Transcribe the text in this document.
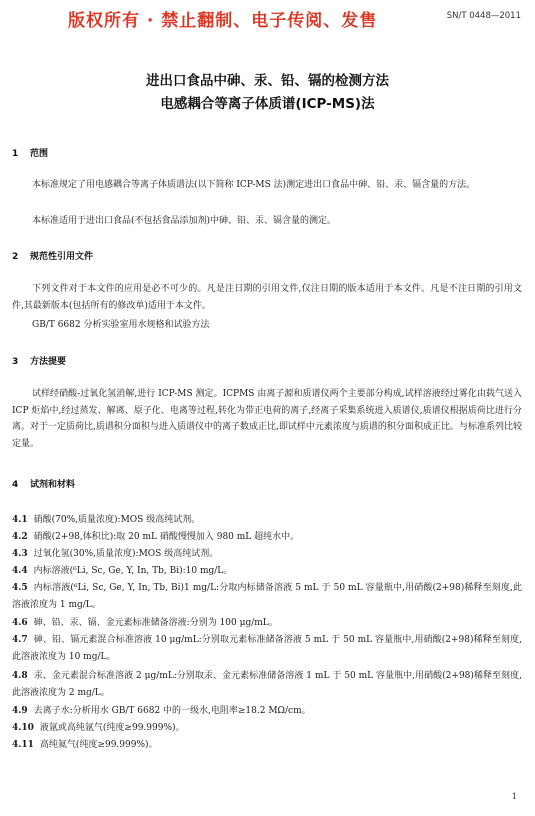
版权所有 · 禁止翻制、电子传阅、发售	SN/T 0448—2011
进出口食品中砷、汞、铅、镉的检测方法
电感耦合等离子体质谱(ICP-MS)法
1 范围
本标准规定了用电感耦合等离子体质谱法(以下简称 ICP-MS 法)测定进出口食品中砷、铅、汞、镉含量的方法。
本标准适用于进出口食品(不包括食品添加剂)中砷、铅、汞、镉含量的测定。
2 规范性引用文件
下列文件对于本文件的应用是必不可少的。凡是注日期的引用文件,仅注日期的版本适用于本文件。凡是不注日期的引用文件,其最新版本(包括所有的修改单)适用于本文件。
GB/T 6682 分析实验室用水规格和试验方法
3 方法提要
试样经硝酸-过氧化氢消解,进行 ICP-MS 测定。ICPMS 由离子源和质谱仪两个主要部分构成,试样溶液经过雾化由载气送入 ICP 炬焰中,经过蒸发、解离、原子化、电离等过程,转化为带正电荷的离子,经离子采集系统进入质谱仪,质谱仪根据质荷比进行分离。对于一定质荷比,质谱积分面积与进入质谱仪中的离子数成正比,即试样中元素浓度与质谱的积分面积成正比。与标准系列比较定量。
4 试剂和材料
4.1 硝酸(70%,质量浓度):MOS 级高纯试剂。
4.2 硝酸(2+98,体积比):取 20 mL 硝酸慢慢加入 980 mL 超纯水中。
4.3 过氧化氢(30%,质量浓度):MOS 级高纯试剂。
4.4 内标溶液(⁶Li, Sc, Ge, Y, In, Tb, Bi):10 mg/L。
4.5 内标溶液(⁶Li, Sc, Ge, Y, In, Tb, Bi)1 mg/L:分取内标储备溶液 5 mL 于 50 mL 容量瓶中,用硝酸(2+98)稀释至刻度,此溶液浓度为 1 mg/L。
4.6 砷、铅、汞、镉、金元素标准储备溶液:分别为 100 μg/mL。
4.7 砷、铅、镉元素混合标准溶液 10 μg/mL:分别取元素标准储备溶液 5 mL 于 50 mL 容量瓶中,用硝酸(2+98)稀释至刻度,此溶液浓度为 10 mg/L。
4.8 汞、金元素混合标准溶液 2 μg/mL:分别取汞、金元素标准储备溶液 1 mL 于 50 mL 容量瓶中,用硝酸(2+98)稀释至刻度,此溶液浓度为 2 mg/L。
4.9 去离子水:分析用水 GB/T 6682 中的一级水,电阻率≥18.2 MΩ/cm。
4.10 液氩或高纯氩气(纯度≥99.999%)。
4.11 高纯氦气(纯度≥99.999%)。
1
